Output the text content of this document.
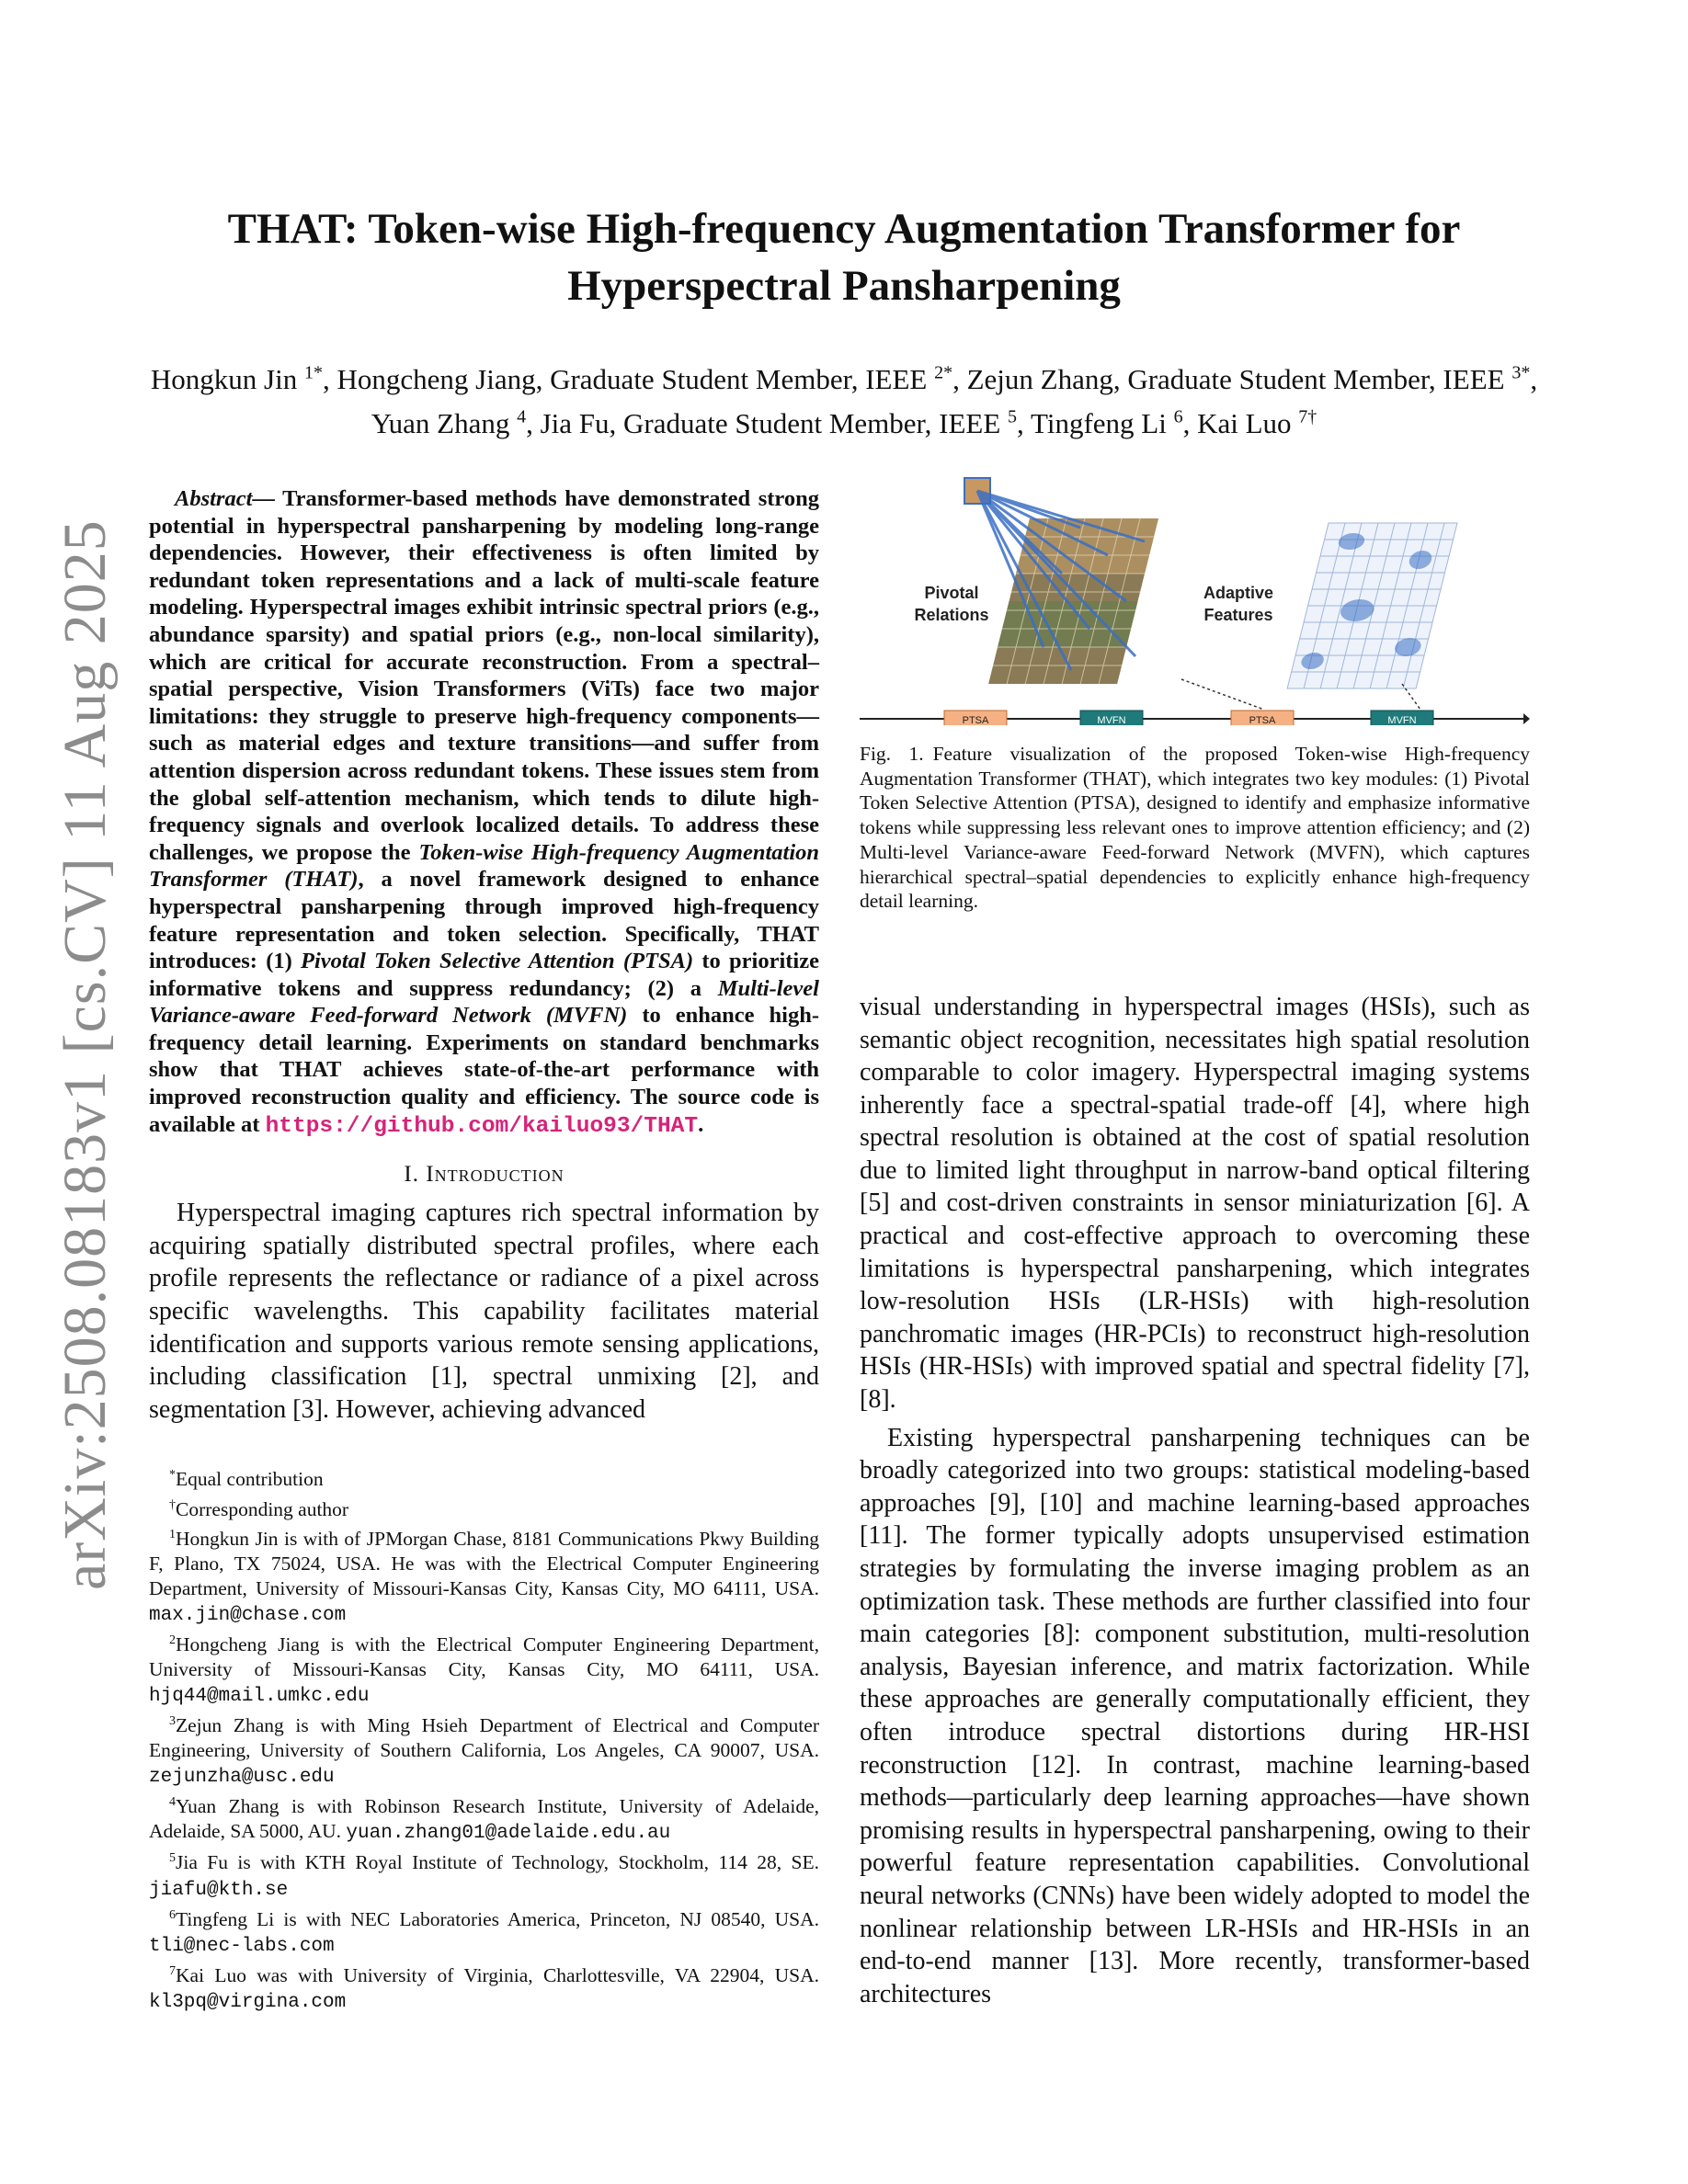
arXiv:2508.08183v1 [cs.CV] 11 Aug 2025
THAT: Token-wise High-frequency Augmentation Transformer for
Hyperspectral Pansharpening
Hongkun Jin $^{1*}$, Hongcheng Jiang, Graduate Student Member, IEEE $^{2*}$, Zejun Zhang, Graduate Student Member, IEEE $^{3*}$, Yuan Zhang $^4$, Jia Fu, Graduate Student Member, IEEE $^5$, Tingfeng Li $^6$, Kai Luo $^{7\dagger}$

Abstract— Transformer-based methods have demonstrated strong potential in hyperspectral pansharpening by modeling long-range dependencies. However, their effectiveness is often limited by redundant token representations and a lack of multi-scale feature modeling. Hyperspectral images exhibit intrinsic spectral priors (e.g., abundance sparsity) and spatial priors (e.g., non-local similarity), which are critical for accurate reconstruction. From a spectral–spatial perspective, Vision Transformers (ViTs) face two major limitations: they struggle to preserve high-frequency components—such as material edges and texture transitions—and suffer from attention dispersion across redundant tokens. These issues stem from the global self-attention mechanism, which tends to dilute high-frequency signals and overlook localized details. To address these challenges, we propose the Token-wise High-frequency Augmentation Transformer (THAT), a novel framework designed to enhance hyperspectral pansharpening through improved high-frequency feature representation and token selection. Specifically, THAT introduces: (1) Pivotal Token Selective Attention (PTSA) to prioritize informative tokens and suppress redundancy; (2) a Multi-level Variance-aware Feed-forward Network (MVFN) to enhance high-frequency detail learning. Experiments on standard benchmarks show that THAT achieves state-of-the-art performance with improved reconstruction quality and efficiency. The source code is available at https://github.com/kailuo93/THAT.

I. Introduction

Hyperspectral imaging captures rich spectral information by acquiring spatially distributed spectral profiles, where each profile represents the reflectance or radiance of a pixel across specific wavelengths. This capability facilitates material identification and supports various remote sensing applications, including classification [1], spectral unmixing [2], and segmentation [3]. However, achieving advanced

*Equal contribution

†Corresponding author

$^1$Hongkun Jin is with of JPMorgan Chase, 8181 Communications Pkwy Building F, Plano, TX 75024, USA. He was with the Electrical Computer Engineering Department, University of Missouri-Kansas City, Kansas City, MO 64111, USA. max.jin@chase.com

$^2$Hongcheng Jiang is with the Electrical Computer Engineering Department, University of Missouri-Kansas City, Kansas City, MO 64111, USA. hjq44@mail.umkc.edu

$^3$Zejun Zhang is with Ming Hsieh Department of Electrical and Computer Engineering, University of Southern California, Los Angeles, CA 90007, USA. zejunzha@usc.edu

$^4$Yuan Zhang is with Robinson Research Institute, University of Adelaide, Adelaide, SA 5000, AU. yuan.zhang01@adelaide.edu.au

$^5$Jia Fu is with KTH Royal Institute of Technology, Stockholm, 114 28, SE. jiafu@kth.se

$^6$Tingfeng Li is with NEC Laboratories America, Princeton, NJ 08540, USA. tli@nec-labs.com

$^7$Kai Luo was with University of Virginia, Charlottesville, VA 22904, USA. kl3pq@virgina.com

Pivotal
Relations
Adaptive
Features
PTSA	MVFN	PTSA	MVFN

Fig. 1. Feature visualization of the proposed Token-wise High-frequency Augmentation Transformer (THAT), which integrates two key modules: (1) Pivotal Token Selective Attention (PTSA), designed to identify and emphasize informative tokens while suppressing less relevant ones to improve attention efficiency; and (2) Multi-level Variance-aware Feed-forward Network (MVFN), which captures hierarchical spectral–spatial dependencies to explicitly enhance high-frequency detail learning.

visual understanding in hyperspectral images (HSIs), such as semantic object recognition, necessitates high spatial resolution comparable to color imagery. Hyperspectral imaging systems inherently face a spectral-spatial trade-off [4], where high spectral resolution is obtained at the cost of spatial resolution due to limited light throughput in narrow-band optical filtering [5] and cost-driven constraints in sensor miniaturization [6]. A practical and cost-effective approach to overcoming these limitations is hyperspectral pansharpening, which integrates low-resolution HSIs (LR-HSIs) with high-resolution panchromatic images (HR-PCIs) to reconstruct high-resolution HSIs (HR-HSIs) with improved spatial and spectral fidelity [7], [8].

Existing hyperspectral pansharpening techniques can be broadly categorized into two groups: statistical modeling-based approaches [9], [10] and machine learning-based approaches [11]. The former typically adopts unsupervised estimation strategies by formulating the inverse imaging problem as an optimization task. These methods are further classified into four main categories [8]: component substitution, multi-resolution analysis, Bayesian inference, and matrix factorization. While these approaches are generally computationally efficient, they often introduce spectral distortions during HR-HSI reconstruction [12]. In contrast, machine learning-based methods—particularly deep learning approaches—have shown promising results in hyperspectral pansharpening, owing to their powerful feature representation capabilities. Convolutional neural networks (CNNs) have been widely adopted to model the nonlinear relationship between LR-HSIs and HR-HSIs in an end-to-end manner [13]. More recently, transformer-based architectures
